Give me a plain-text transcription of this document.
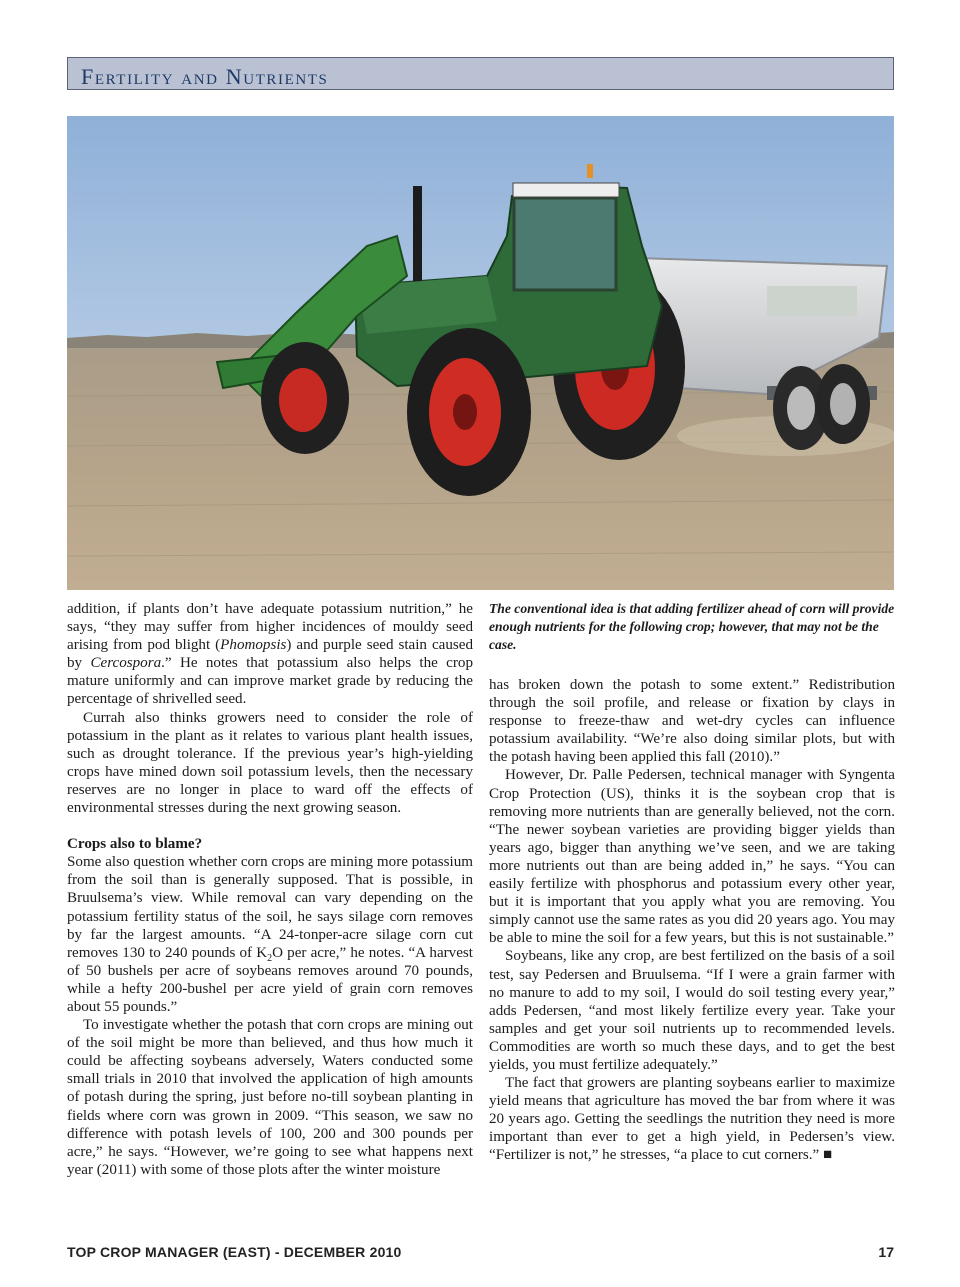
Fertility and Nutrients

addition, if plants don’t have adequate potassium nutrition,” he says, “they may suffer from higher incidences of mouldy seed arising from pod blight (Phomopsis) and purple seed stain caused by Cercospora.” He notes that potassium also helps the crop mature uniformly and can improve market grade by reducing the percentage of shrivelled seed.

Currah also thinks growers need to consider the role of potassium in the plant as it relates to various plant health issues, such as drought tolerance. If the previous year’s high-yielding crops have mined down soil potassium levels, then the necessary reserves are no longer in place to ward off the effects of environmental stresses during the next growing season.

Crops also to blame?

Some also question whether corn crops are mining more potassium from the soil than is generally supposed. That is possible, in Bruulsema’s view. While removal can vary depending on the potassium fertility status of the soil, he says silage corn removes by far the largest amounts. “A 24-tonper-acre silage corn cut removes 130 to 240 pounds of $K_2O$ per acre,” he notes. “A harvest of 50 bushels per acre of soybeans removes around 70 pounds, while a hefty 200-bushel per acre yield of grain corn removes about 55 pounds.”

To investigate whether the potash that corn crops are mining out of the soil might be more than believed, and thus how much it could be affecting soybeans adversely, Waters conducted some small trials in 2010 that involved the application of high amounts of potash during the spring, just before no-till soybean planting in fields where corn was grown in 2009. “This season, we saw no difference with potash levels of 100, 200 and 300 pounds per acre,” he says. “However, we’re going to see what happens next year (2011) with some of those plots after the winter moisture

The conventional idea is that adding fertilizer ahead of corn will provide enough nutrients for the following crop; however, that may not be the case.

has broken down the potash to some extent.” Redistribution through the soil profile, and release or fixation by clays in response to freeze-thaw and wet-dry cycles can influence potassium availability. “We’re also doing similar plots, but with the potash having been applied this fall (2010).”

However, Dr. Palle Pedersen, technical manager with Syngenta Crop Protection (US), thinks it is the soybean crop that is removing more nutrients than are generally believed, not the corn. “The newer soybean varieties are providing bigger yields than years ago, bigger than anything we’ve seen, and we are taking more nutrients out than are being added in,” he says. “You can easily fertilize with phosphorus and potassium every other year, but it is important that you apply what you are removing. You simply cannot use the same rates as you did 20 years ago. You may be able to mine the soil for a few years, but this is not sustainable.”

Soybeans, like any crop, are best fertilized on the basis of a soil test, say Pedersen and Bruulsema. “If I were a grain farmer with no manure to add to my soil, I would do soil testing every year,” adds Pedersen, “and most likely fertilize every year. Take your samples and get your soil nutrients up to recommended levels. Commodities are worth so much these days, and to get the best yields, you must fertilize adequately.”

The fact that growers are planting soybeans earlier to maximize yield means that agriculture has moved the bar from where it was 20 years ago. Getting the seedlings the nutrition they need is more important than ever to get a high yield, in Pedersen’s view. “Fertilizer is not,” he stresses, “a place to cut corners.” ■

TOP CROP MANAGER (EAST) - DECEMBER 2010	17
